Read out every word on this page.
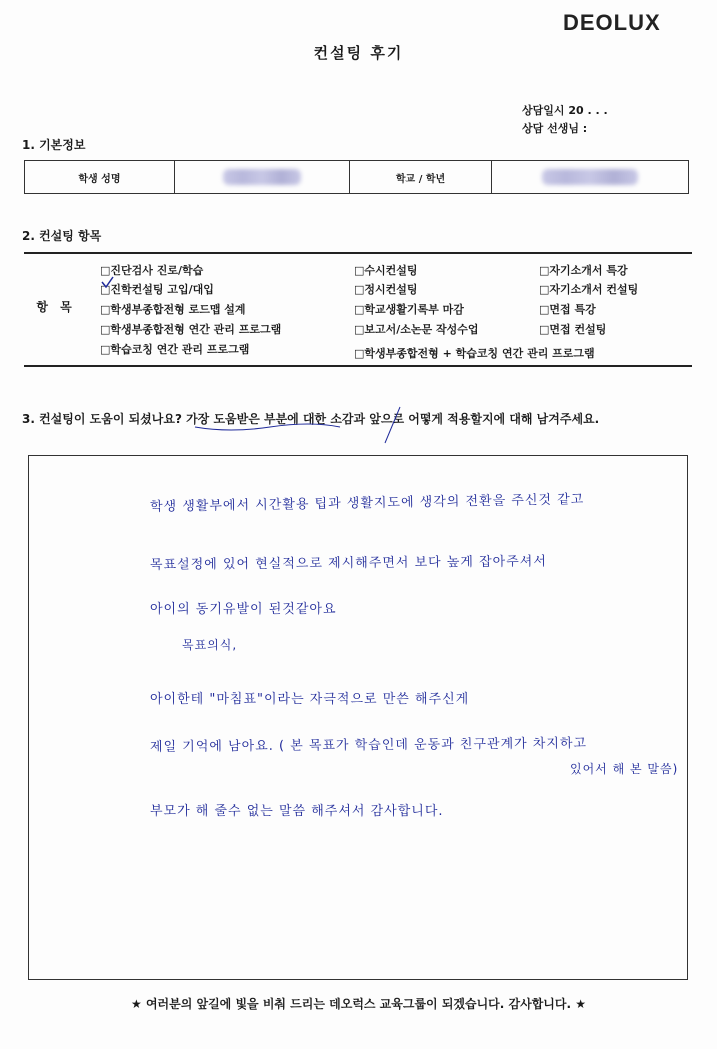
DEOLUX
컨설팅 후기
상담일시 20 . . .
상담 선생님 :
1. 기본정보
학생 성명	학교 / 학년
2. 컨설팅 항목
항 목
□진단검사 진로/학습
□진학컨설팅 고입/대입
□학생부종합전형 로드맵 설계
□학생부종합전형 연간 관리 프로그램
□학습코칭 연간 관리 프로그램
□수시컨설팅
□정시컨설팅
□학교생활기록부 마감
□보고서/소논문 작성수업
□학생부종합전형 + 학습코칭 연간 관리 프로그램
□자기소개서 특강
□자기소개서 컨설팅
□면접 특강
□면접 컨설팅
3. 컨설팅이 도움이 되셨나요? 가장 도움받은 부분에 대한 소감과 앞으로 어떻게 적용할지에 대해 남겨주세요.
학생 생활부에서 시간활용 팁과 생활지도에 생각의 전환을 주신것 같고
목표설정에 있어 현실적으로 제시해주면서 보다 높게 잡아주셔서
아이의 동기유발이 된것같아요
목표의식,
아이한테 "마침표"이라는 자극적으로 만쓴 해주신게
제일 기억에 남아요. ( 본 목표가 학습인데 운동과 친구관계가 차지하고
있어서 해 본 말씀)
부모가 해 줄수 없는 말씀 해주셔서 감사합니다.
★ 여러분의 앞길에 빛을 비춰 드리는 데오럭스 교육그룹이 되겠습니다. 감사합니다. ★
